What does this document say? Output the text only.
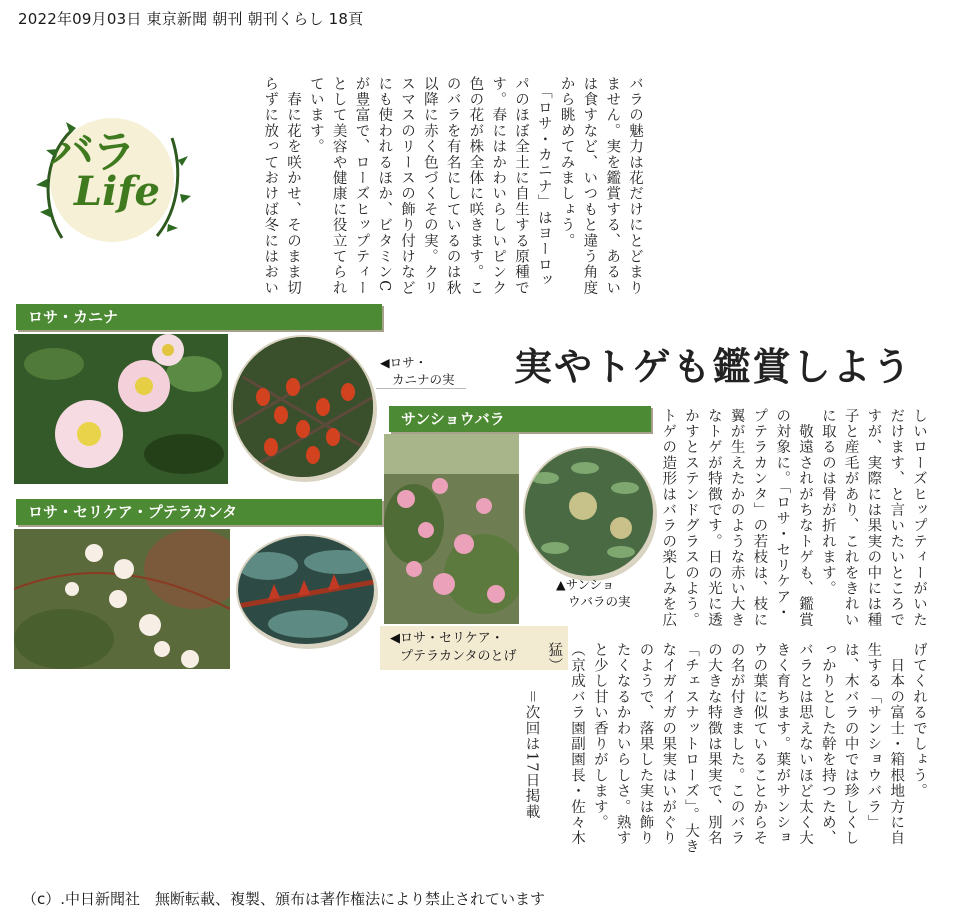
2022年09月03日 東京新聞 朝刊 朝刊くらし 18頁
バラ
Life	バラの魅力は花だけにとどまりません。実を鑑賞する、あるいは食すなど、いつもと違う角度から眺めてみましょう。
　「ロサ・カニナ」はヨーロッパのほぼ全土に自生する原種です。春にはかわいらしいピンク色の花が株全体に咲きます。こ のバラを有名にしているのは秋以降に赤く色づくその実。クリスマスのリースの飾り付けなどにも使われるほか、ビタミンCが豊富で、ローズヒップティーとして美容や健康に役立てられています。
　春に花を咲かせ、そのまま切らずに放っておけば冬にはおい
実やトゲも鑑賞しよう
ロサ・カニナ
◀ロサ・
カニナの実
サンショウバラ
▲サンショ
ウバラの実
ロサ・セリケア・プテラカンタ
◀ロサ・セリケア・
プテラカンタのとげ
しいローズヒップティーがいただけます、と言いたいところですが、実際には果実の中には種子と産毛があり、これをきれいに取るのは骨が折れます。
　敬遠されがちなトゲも、鑑賞の対象に。「ロサ・セリケア・プテラカンタ」の若枝は、枝に翼が生えたかのような赤い大きなトゲが特徴です。日の光に透かすとステンドグラスのよう。トゲの造形はバラの楽しみを広
げてくれるでしょう。
　日本の富士・箱根地方に自生する「サンショウバラ」は、木バラの中では珍しくしっかりとした幹を持つため、バラとは思えないほど太く大きく育ちます。葉がサンショウの葉に似ていることからその名が付きました。このバラの大きな特徴は果実で、別名「チェスナットローズ」。大きなイガイガの果実はいがぐりのようで、落果した実は飾りたくなるかわいらしさ。熟すと少し甘い香りがします。
（京成バラ園副園長・佐々木猛）
　　　＝次回は17日掲載
（c）.中日新聞社　無断転載、複製、頒布は著作権法により禁止されています
